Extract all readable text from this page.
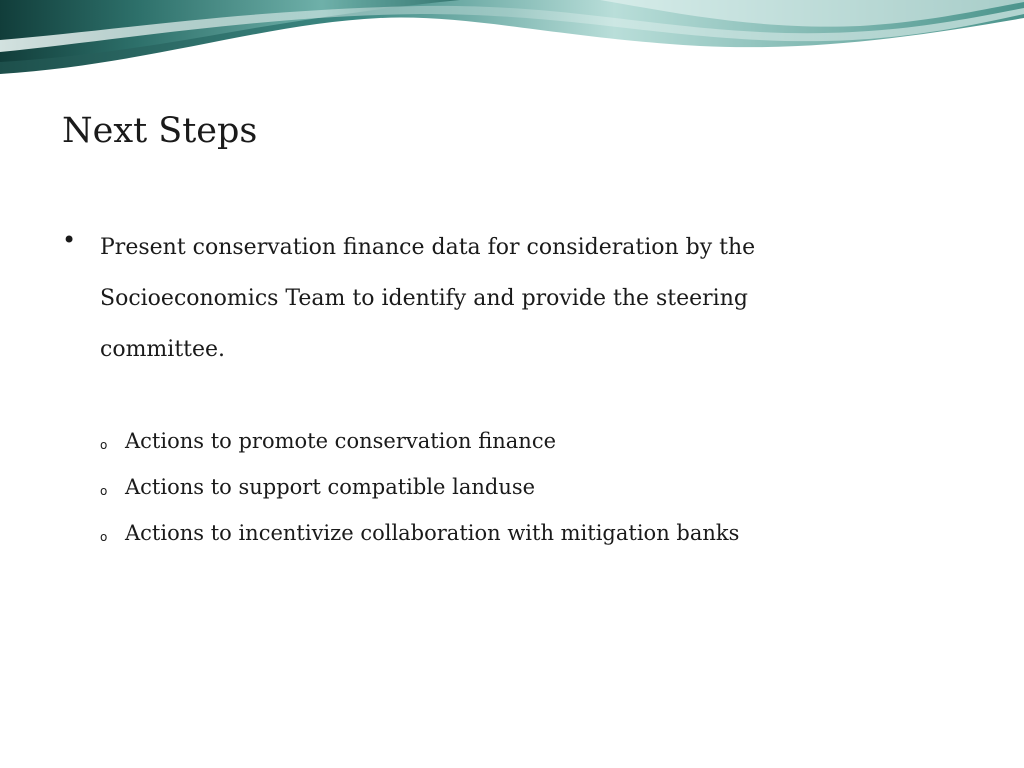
Next Steps
• Present conservation finance data for consideration by the Socioeconomics Team to identify and provide the steering committee.

o Actions to promote conservation finance
o Actions to support compatible landuse
o Actions to incentivize collaboration with mitigation banks
